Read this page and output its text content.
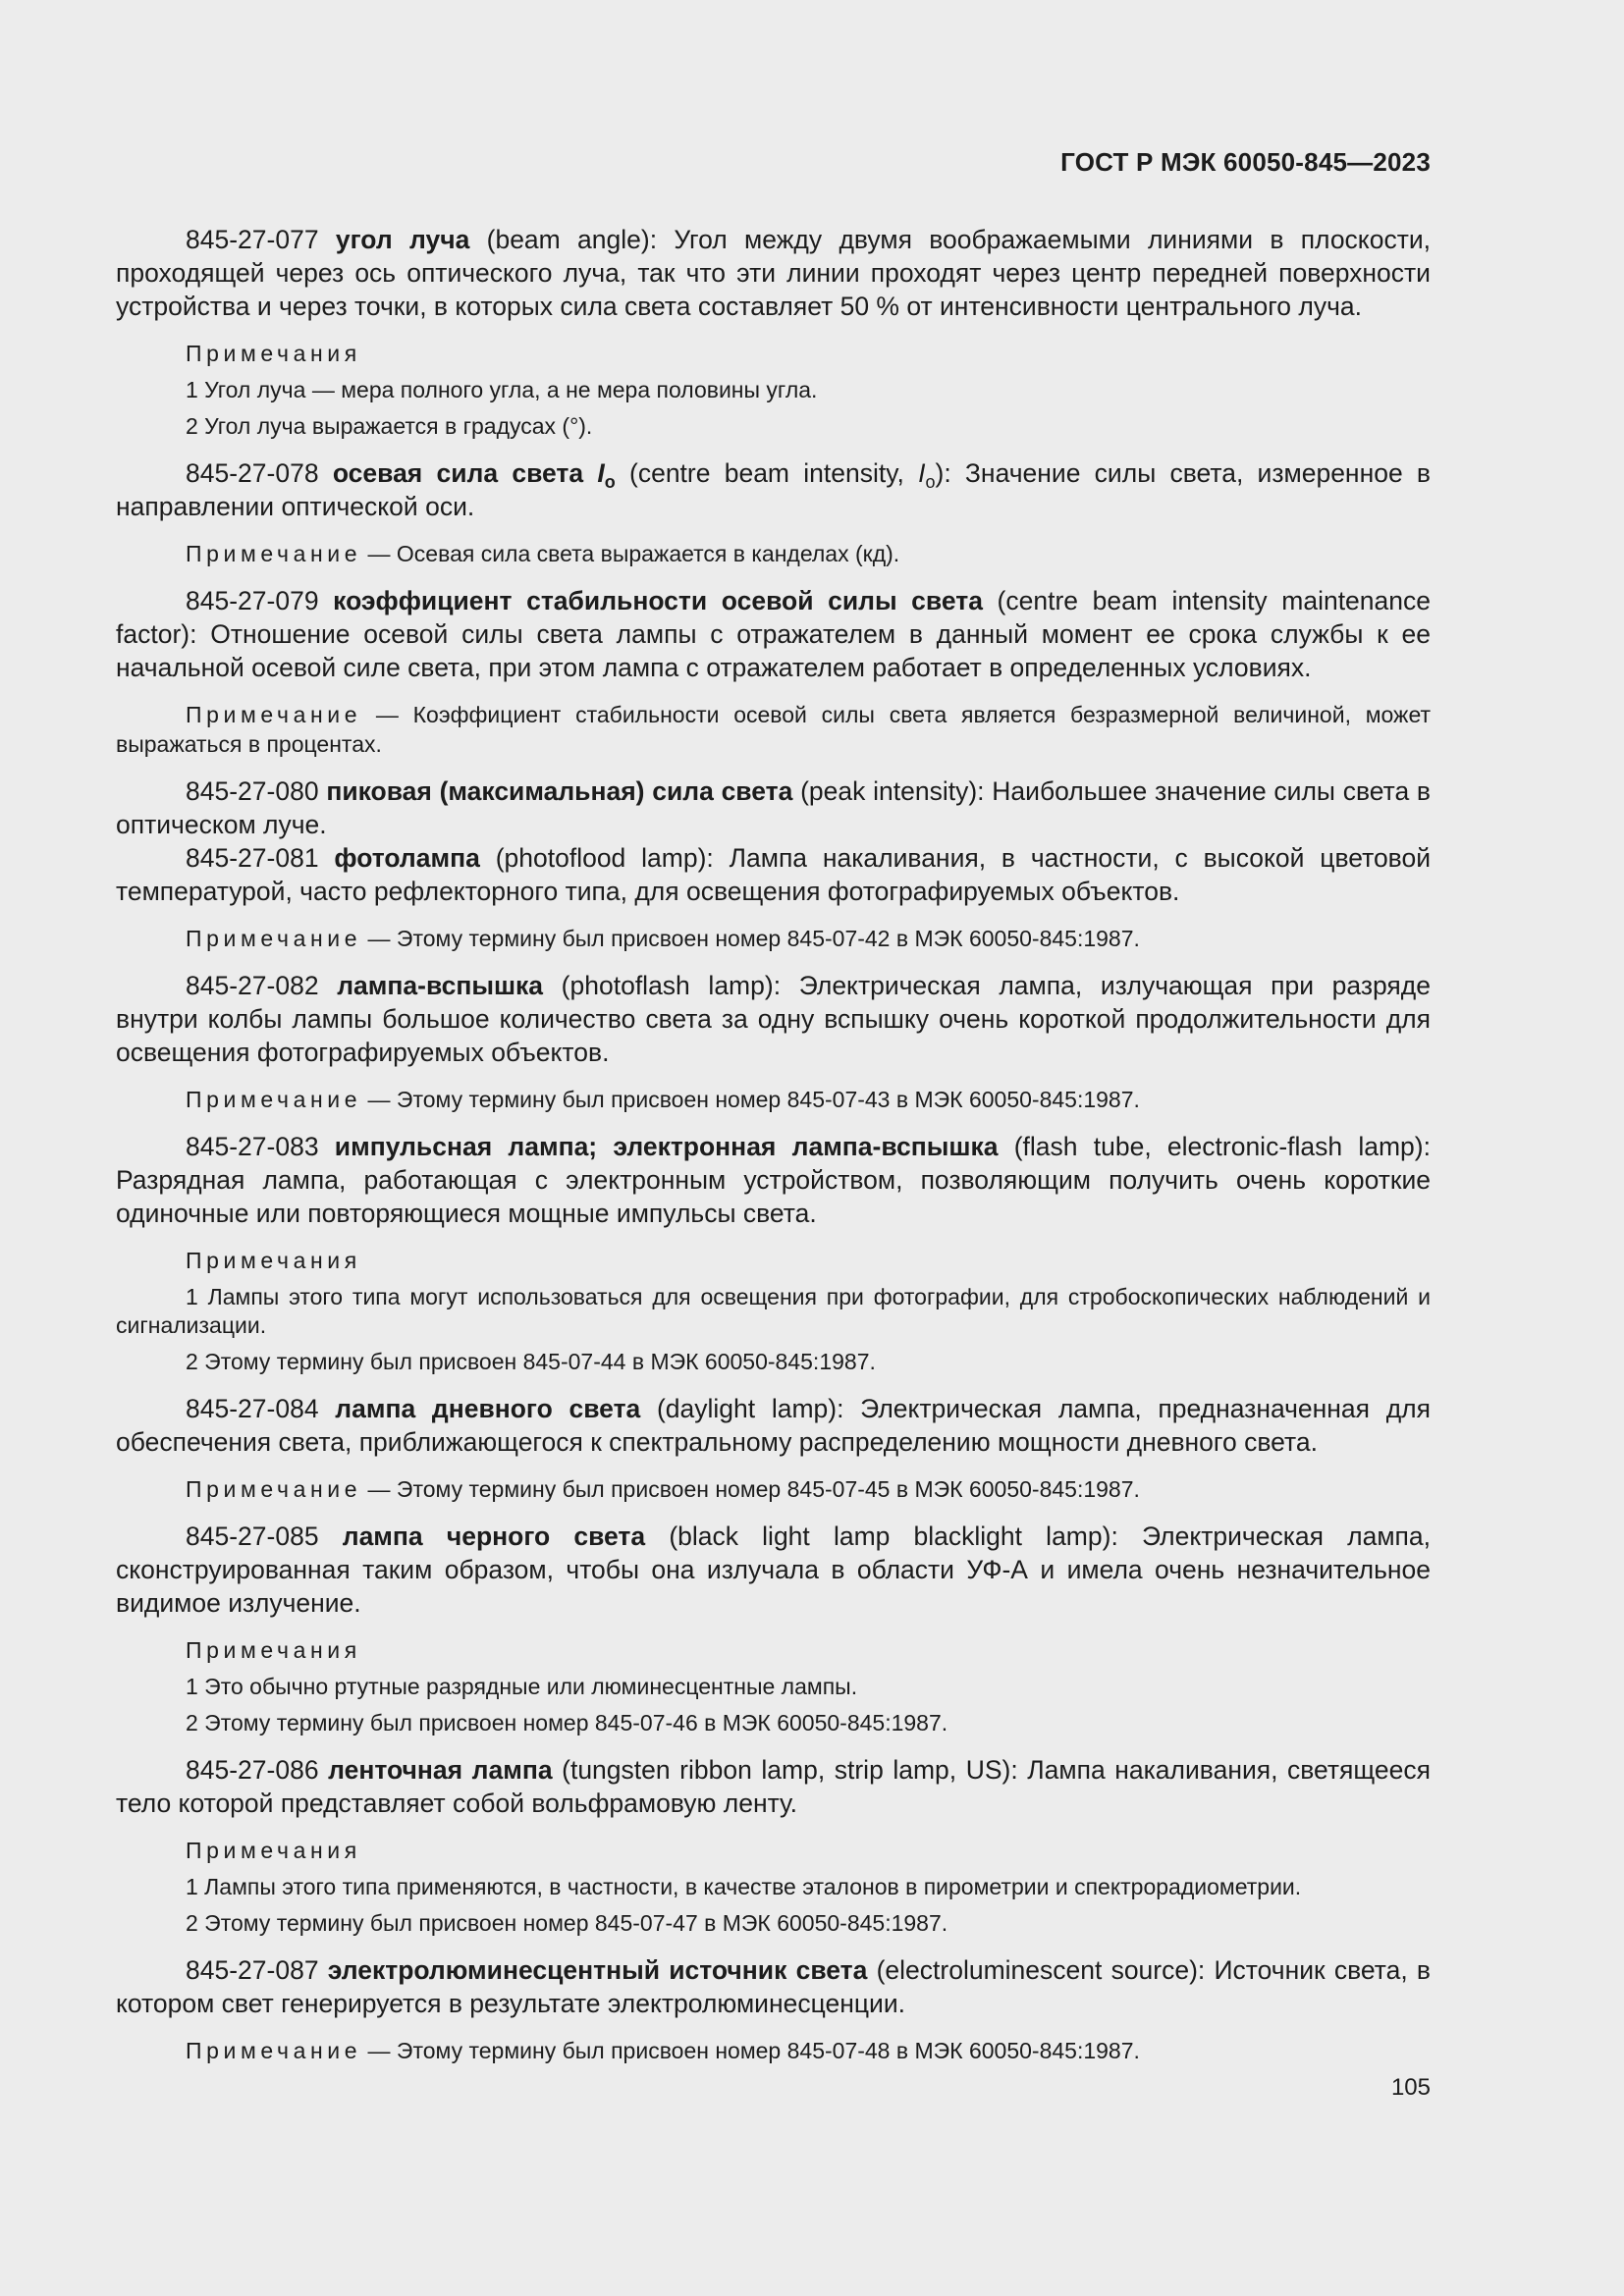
ГОСТ Р МЭК 60050-845—2023

845-27-077 угол луча (beam angle): Угол между двумя воображаемыми линиями в плоскости, проходящей через ось оптического луча, так что эти линии проходят через центр передней поверхности устройства и через точки, в которых сила света составляет 50 % от интенсивности центрального луча.

Примечания

1 Угол луча — мера полного угла, а не мера половины угла.

2 Угол луча выражается в градусах (°).

845-27-078 осевая сила света $I_o$ (centre beam intensity, $I_o$): Значение силы света, измеренное в направлении оптической оси.

Примечание — Осевая сила света выражается в канделах (кд).

845-27-079 коэффициент стабильности осевой силы света (centre beam intensity maintenance factor): Отношение осевой силы света лампы с отражателем в данный момент ее срока службы к ее начальной осевой силе света, при этом лампа с отражателем работает в определенных условиях.

Примечание — Коэффициент стабильности осевой силы света является безразмерной величиной, может выражаться в процентах.

845-27-080 пиковая (максимальная) сила света (peak intensity): Наибольшее значение силы света в оптическом луче.

845-27-081 фотолампа (photoflood lamp): Лампа накаливания, в частности, с высокой цветовой температурой, часто рефлекторного типа, для освещения фотографируемых объектов.

Примечание — Этому термину был присвоен номер 845-07-42 в МЭК 60050-845:1987.

845-27-082 лампа-вспышка (photoflash lamp): Электрическая лампа, излучающая при разряде внутри колбы лампы большое количество света за одну вспышку очень короткой продолжительности для освещения фотографируемых объектов.

Примечание — Этому термину был присвоен номер 845-07-43 в МЭК 60050-845:1987.

845-27-083 импульсная лампа; электронная лампа-вспышка (flash tube, electronic-flash lamp): Разрядная лампа, работающая с электронным устройством, позволяющим получить очень короткие одиночные или повторяющиеся мощные импульсы света.

Примечания

1 Лампы этого типа могут использоваться для освещения при фотографии, для стробоскопических наблюдений и сигнализации.

2 Этому термину был присвоен 845-07-44 в МЭК 60050-845:1987.

845-27-084 лампа дневного света (daylight lamp): Электрическая лампа, предназначенная для обеспечения света, приближающегося к спектральному распределению мощности дневного света.

Примечание — Этому термину был присвоен номер 845-07-45 в МЭК 60050-845:1987.

845-27-085 лампа черного света (black light lamp blacklight lamp): Электрическая лампа, сконструированная таким образом, чтобы она излучала в области УФ-А и имела очень незначительное видимое излучение.

Примечания

1 Это обычно ртутные разрядные или люминесцентные лампы.

2 Этому термину был присвоен номер 845-07-46 в МЭК 60050-845:1987.

845-27-086 ленточная лампа (tungsten ribbon lamp, strip lamp, US): Лампа накаливания, светящееся тело которой представляет собой вольфрамовую ленту.

Примечания

1 Лампы этого типа применяются, в частности, в качестве эталонов в пирометрии и спектрорадиометрии.

2 Этому термину был присвоен номер 845-07-47 в МЭК 60050-845:1987.

845-27-087 электролюминесцентный источник света (electroluminescent source): Источник света, в котором свет генерируется в результате электролюминесценции.

Примечание — Этому термину был присвоен номер 845-07-48 в МЭК 60050-845:1987.

105
